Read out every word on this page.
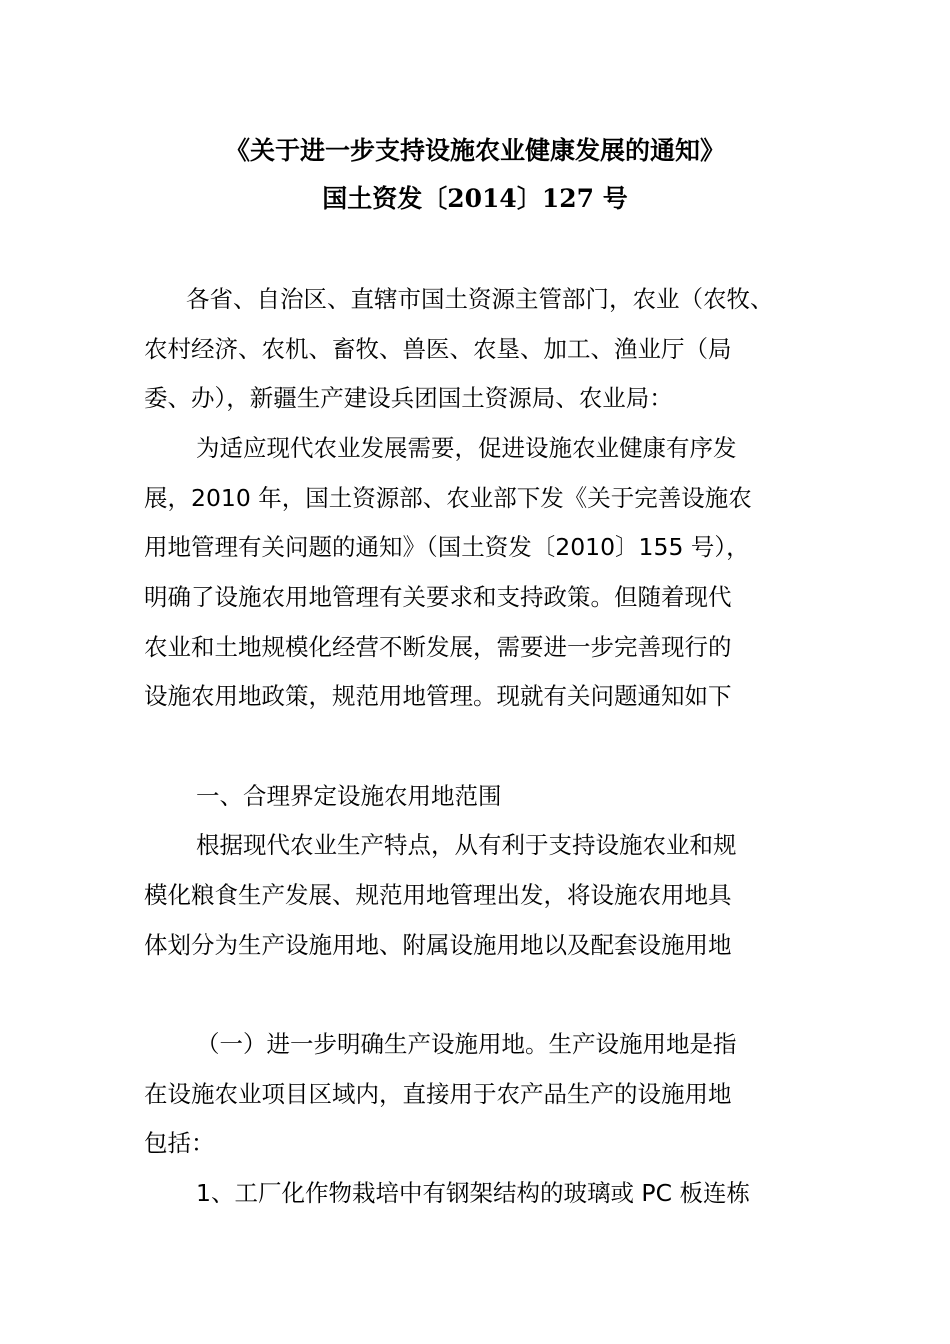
《关于进一步支持设施农业健康发展的通知》
国土资发〔2014〕127 号
各省、自治区、直辖市国土资源主管部门，农业（农牧、
农村经济、农机、畜牧、兽医、农垦、加工、渔业厅（局
委、办），新疆生产建设兵团国土资源局、农业局：
为适应现代农业发展需要，促进设施农业健康有序发
展，2010 年，国土资源部、农业部下发《关于完善设施农
用地管理有关问题的通知》（国土资发〔2010〕155 号），
明确了设施农用地管理有关要求和支持政策。但随着现代
农业和土地规模化经营不断发展，需要进一步完善现行的
设施农用地政策，规范用地管理。现就有关问题通知如下
一、合理界定设施农用地范围
根据现代农业生产特点，从有利于支持设施农业和规
模化粮食生产发展、规范用地管理出发，将设施农用地具
体划分为生产设施用地、附属设施用地以及配套设施用地
（一）进一步明确生产设施用地。生产设施用地是指
在设施农业项目区域内，直接用于农产品生产的设施用地
包括：
1、工厂化作物栽培中有钢架结构的玻璃或 PC 板连栋
